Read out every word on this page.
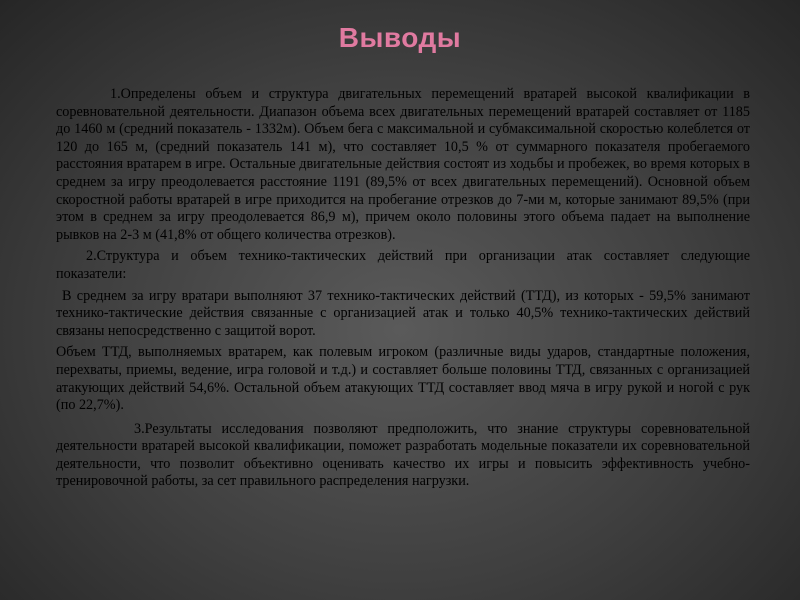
Выводы

1.Определены объем и структура двигательных перемещений вратарей высокой квалификации в соревновательной деятельности. Диапазон объема всех двигательных перемещений вратарей составляет от 1185 до 1460 м (средний показатель - 1332м). Объем бега с максимальной и субмаксимальной скоростью колеблется от 120 до 165 м, (средний показатель 141 м), что составляет 10,5 % от суммарного показателя пробегаемого расстояния вратарем в игре. Остальные двигательные действия состоят из ходьбы и пробежек, во время которых в среднем за игру преодолевается расстояние 1191 (89,5% от всех двигательных перемещений). Основной объем скоростной работы вратарей в игре приходится на пробегание отрезков до 7-ми м, которые занимают 89,5% (при этом в среднем за игру преодолевается 86,9 м), причем около половины этого объема падает на выполнение рывков на 2-3 м (41,8% от общего количества отрезков).

2.Структура и объем технико-тактических действий при организации атак составляет следующие показатели:

В среднем за игру вратари выполняют 37 технико-тактических действий (ТТД), из которых - 59,5% занимают технико-тактические действия связанные с организацией атак и только 40,5% технико-тактических действий связаны непосредственно с защитой ворот.

Объем ТТД, выполняемых вратарем, как полевым игроком (различные виды ударов, стандартные положения, перехваты, приемы, ведение, игра головой и т.д.) и составляет больше половины ТТД, связанных с организацией атакующих действий 54,6%. Остальной объем атакующих ТТД составляет ввод мяча в игру рукой и ногой с рук (по 22,7%).

3.Результаты исследования позволяют предположить, что знание структуры соревновательной деятельности вратарей высокой квалификации, поможет разработать модельные показатели их соревновательной деятельности, что позволит объективно оценивать качество их игры и повысить эффективность учебно-тренировочной работы, за сет правильного распределения нагрузки.
